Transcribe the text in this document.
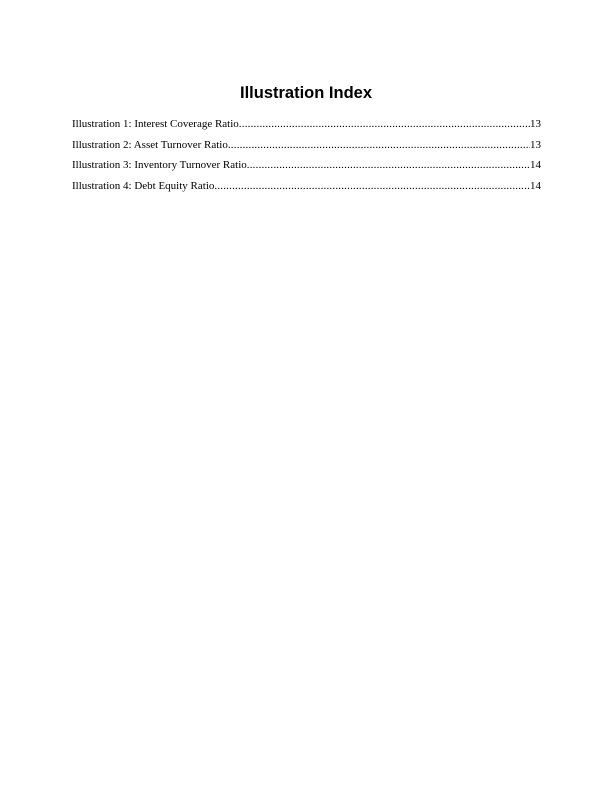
Illustration Index
Illustration 1: Interest Coverage Ratio .....	13
Illustration 2: Asset Turnover Ratio .....	13
Illustration 3: Inventory Turnover Ratio .....	14
Illustration 4: Debt Equity Ratio .....	14
